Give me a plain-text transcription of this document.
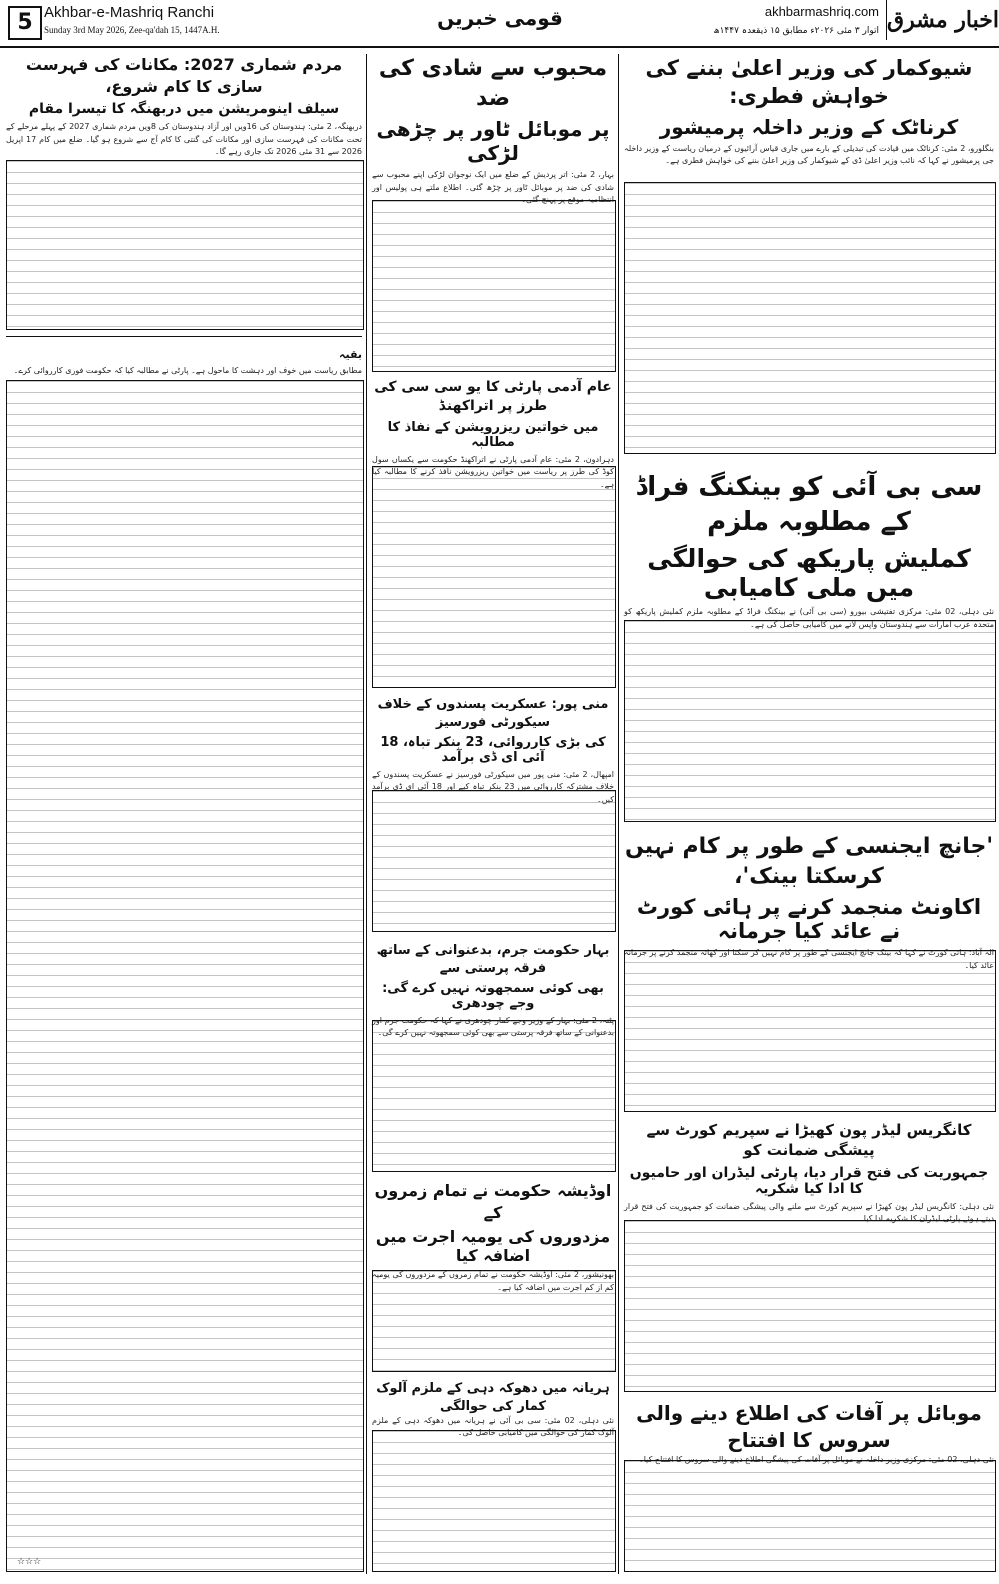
5 Akhbar-e-Mashriq Ranchi
Sunday 3rd May 2026, Zee-qa'dah 15, 1447A.H.	قومی خبریں	akhbarmashriq.com
اتوار ۳ مئی ۲۰۲۶ء مطابق ۱۵ ذیقعدہ ۱۴۴۷ھ اخبار مشرق
شیوکمار کی وزیر اعلیٰ بننے کی خواہش فطری:
کرناٹک کے وزیر داخلہ پرمیشور
بنگلورو، 2 مئی: کرناٹک میں قیادت کی تبدیلی کے بارے میں جاری قیاس آرائیوں کے درمیان ریاست کے وزیر داخلہ جی پرمیشور نے کہا کہ نائب وزیر اعلیٰ ڈی کے شیوکمار کی وزیر اعلیٰ بننے کی خواہش فطری ہے۔
سی بی آئی کو بینکنگ فراڈ کے مطلوبہ ملزم
کملیش پاریکھ کی حوالگی میں ملی کامیابی
نئی دہلی، 02 مئی: مرکزی تفتیشی بیورو (سی بی آئی) نے بینکنگ فراڈ کے مطلوبہ ملزم کملیش پاریکھ کو متحدہ عرب امارات سے ہندوستان واپس لانے میں کامیابی حاصل کی ہے۔
'جانچ ایجنسی کے طور پر کام نہیں کرسکتا بینک'،
اکاونٹ منجمد کرنے پر ہائی کورٹ نے عائد کیا جرمانہ
الہ آباد: ہائی کورٹ نے کہا کہ بینک جانچ ایجنسی کے طور پر کام نہیں کر سکتا اور کھاتہ منجمد کرنے پر جرمانہ عائد کیا۔
کانگریس لیڈر پون کھیڑا نے سپریم کورٹ سے پیشگی ضمانت کو
جمہوریت کی فتح قرار دیا، پارٹی لیڈران اور حامیوں کا ادا کیا شکریہ
نئی دہلی: کانگریس لیڈر پون کھیڑا نے سپریم کورٹ سے ملنے والی پیشگی ضمانت کو جمہوریت کی فتح قرار دیتے ہوئے پارٹی لیڈران کا شکریہ ادا کیا۔
موبائل پر آفات کی اطلاع دینے والی سروس کا افتتاح
نئی دہلی، 02 مئی: مرکزی وزیر داخلہ نے موبائل پر آفات کی پیشگی اطلاع دینے والی سروس کا افتتاح کیا۔
محبوب سے شادی کی ضد
پر موبائل ٹاور پر چڑھی لڑکی
بہار، 2 مئی: اتر پردیش کے ضلع میں ایک نوجوان لڑکی اپنے محبوب سے شادی کی ضد پر موبائل ٹاور پر چڑھ گئی۔ اطلاع ملتے ہی پولیس اور انتظامیہ موقع پر پہنچ گئی۔
عام آدمی پارٹی کا یو سی سی کی طرز پر اتراکھنڈ
میں خواتین ریزرویشن کے نفاذ کا مطالبہ
دہرادون، 2 مئی: عام آدمی پارٹی نے اتراکھنڈ حکومت سے یکساں سول کوڈ کی طرز پر ریاست میں خواتین ریزرویشن نافذ کرنے کا مطالبہ کیا ہے۔
منی پور: عسکریت پسندوں کے خلاف سیکورٹی فورسیز
کی بڑی کارروائی، 23 بنکر تباہ، 18 آئی ای ڈی برآمد
امپھال، 2 مئی: منی پور میں سیکورٹی فورسیز نے عسکریت پسندوں کے خلاف مشترکہ کارروائی میں 23 بنکر تباہ کیے اور 18 آئی ای ڈی برآمد کیں۔
بہار حکومت جرم، بدعنوانی کے ساتھ فرقہ پرستی سے
بھی کوئی سمجھوتہ نہیں کرے گی: وجے چودھری
پٹنہ، 2 مئی: بہار کے وزیر وجے کمار چودھری نے کہا کہ حکومت جرم اور بدعنوانی کے ساتھ فرقہ پرستی سے بھی کوئی سمجھوتہ نہیں کرے گی۔
اوڈیشہ حکومت نے تمام زمروں کے
مزدوروں کی یومیہ اجرت میں اضافہ کیا
بھونیشور، 2 مئی: اوڈیشہ حکومت نے تمام زمروں کے مزدوروں کی یومیہ کم از کم اجرت میں اضافہ کیا ہے۔
ہریانہ میں دھوکہ دہی کے ملزم آلوک کمار کی حوالگی
نئی دہلی، 02 مئی: سی بی آئی نے ہریانہ میں دھوکہ دہی کے ملزم آلوک کمار کی حوالگی میں کامیابی حاصل کی۔
مردم شماری 2027: مکانات کی فہرست سازی کا کام شروع،
سیلف اینومریشن میں دربھنگہ کا تیسرا مقام
دربھنگہ، 2 مئی: ہندوستان کی 16ویں اور آزاد ہندوستان کی 8ویں مردم شماری 2027 کے پہلے مرحلے کے تحت مکانات کی فہرست سازی اور مکانات کی گنتی کا کام آج سے شروع ہو گیا۔ ضلع میں کام 17 اپریل 2026 سے 31 مئی 2026 تک جاری رہے گا۔
بقیہ
مطابق ریاست میں خوف اور دہشت کا ماحول ہے۔ پارٹی نے مطالبہ کیا کہ حکومت فوری کارروائی کرے۔
☆☆☆
